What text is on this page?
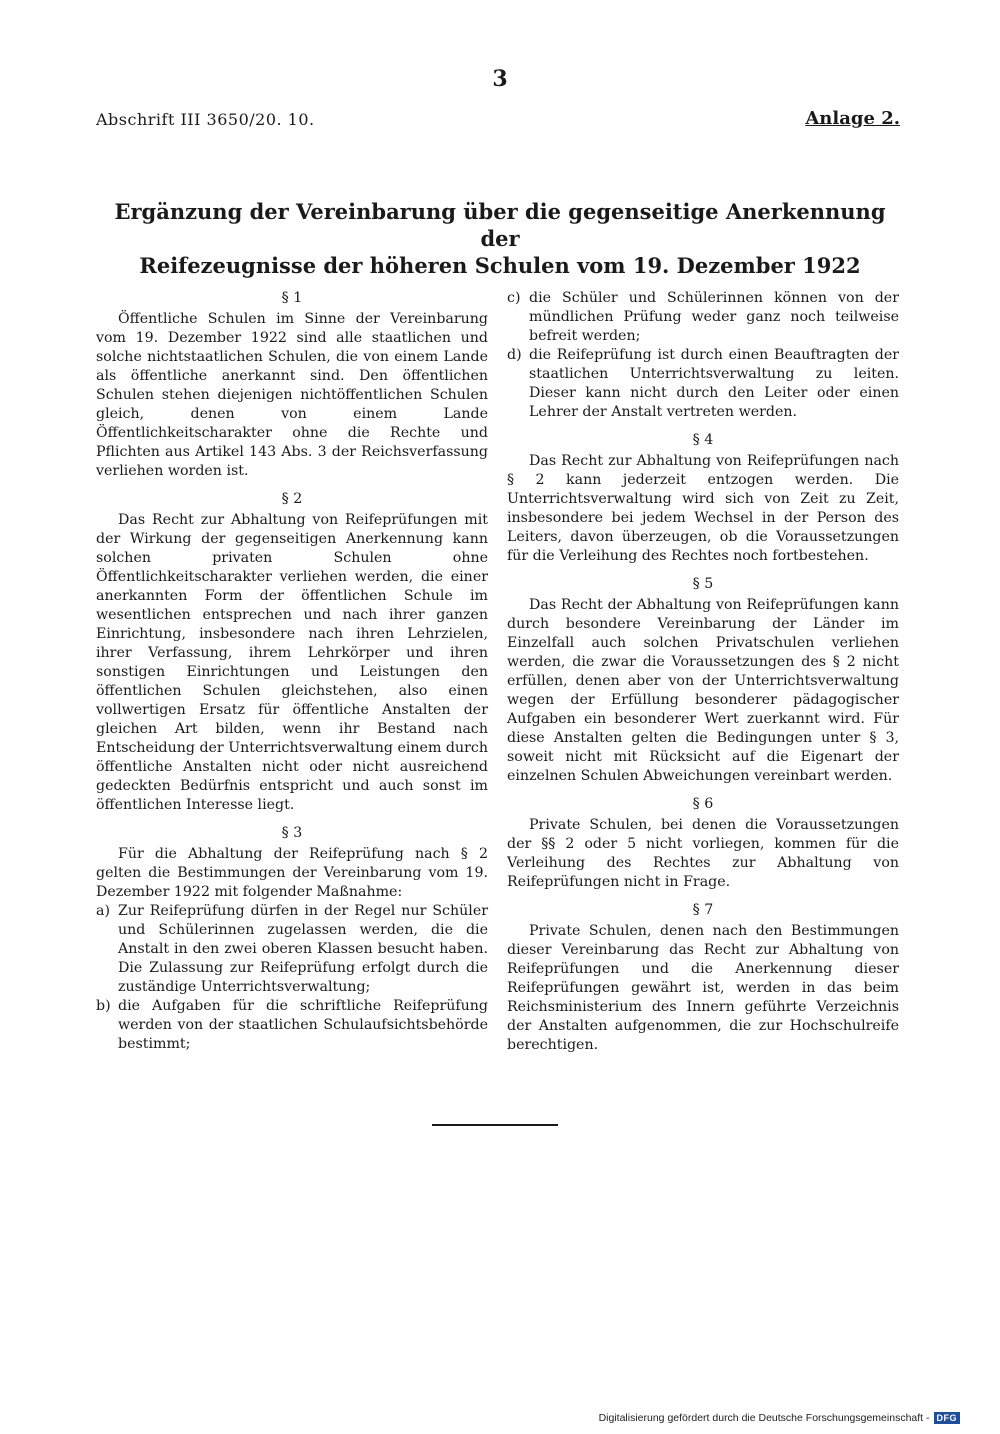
3
Abschrift III 3650/20. 10.	Anlage 2.
Ergänzung der Vereinbarung über die gegenseitige Anerkennung der
Reifezeugnisse der höheren Schulen vom 19. Dezember 1922
§ 1

Öffentliche Schulen im Sinne der Vereinbarung vom 19. Dezember 1922 sind alle staatlichen und solche nichtstaatlichen Schulen, die von einem Lande als öffentliche anerkannt sind. Den öffentlichen Schulen stehen diejenigen nichtöffentlichen Schulen gleich, denen von einem Lande Öffentlichkeitscharakter ohne die Rechte und Pflichten aus Artikel 143 Abs. 3 der Reichsverfassung verliehen worden ist.

§ 2

Das Recht zur Abhaltung von Reifeprüfungen mit der Wirkung der gegenseitigen Anerkennung kann solchen privaten Schulen ohne Öffentlichkeitscharakter verliehen werden, die einer anerkannten Form der öffentlichen Schule im wesentlichen entsprechen und nach ihrer ganzen Einrichtung, insbesondere nach ihren Lehrzielen, ihrer Verfassung, ihrem Lehrkörper und ihren sonstigen Einrichtungen und Leistungen den öffentlichen Schulen gleichstehen, also einen vollwertigen Ersatz für öffentliche Anstalten der gleichen Art bilden, wenn ihr Bestand nach Entscheidung der Unterrichtsverwaltung einem durch öffentliche Anstalten nicht oder nicht ausreichend gedeckten Bedürfnis entspricht und auch sonst im öffentlichen Interesse liegt.

§ 3

Für die Abhaltung der Reifeprüfung nach § 2 gelten die Bestimmungen der Vereinbarung vom 19. Dezember 1922 mit folgender Maßnahme:

a) Zur Reifeprüfung dürfen in der Regel nur Schüler und Schülerinnen zugelassen werden, die die Anstalt in den zwei oberen Klassen besucht haben. Die Zulassung zur Reifeprüfung erfolgt durch die zuständige Unterrichtsverwaltung;
b) die Aufgaben für die schriftliche Reifeprüfung werden von der staatlichen Schulaufsichtsbehörde bestimmt;
c) die Schüler und Schülerinnen können von der mündlichen Prüfung weder ganz noch teilweise befreit werden;
d) die Reifeprüfung ist durch einen Beauftragten der staatlichen Unterrichtsverwaltung zu leiten. Dieser kann nicht durch den Leiter oder einen Lehrer der Anstalt vertreten werden.
§ 4

Das Recht zur Abhaltung von Reifeprüfungen nach § 2 kann jederzeit entzogen werden. Die Unterrichtsverwaltung wird sich von Zeit zu Zeit, insbesondere bei jedem Wechsel in der Person des Leiters, davon überzeugen, ob die Voraussetzungen für die Verleihung des Rechtes noch fortbestehen.

§ 5

Das Recht der Abhaltung von Reifeprüfungen kann durch besondere Vereinbarung der Länder im Einzelfall auch solchen Privatschulen verliehen werden, die zwar die Voraussetzungen des § 2 nicht erfüllen, denen aber von der Unterrichtsverwaltung wegen der Erfüllung besonderer pädagogischer Aufgaben ein besonderer Wert zuerkannt wird. Für diese Anstalten gelten die Bedingungen unter § 3, soweit nicht mit Rücksicht auf die Eigenart der einzelnen Schulen Abweichungen vereinbart werden.

§ 6

Private Schulen, bei denen die Voraussetzungen der §§ 2 oder 5 nicht vorliegen, kommen für die Verleihung des Rechtes zur Abhaltung von Reifeprüfungen nicht in Frage.

§ 7

Private Schulen, denen nach den Bestimmungen dieser Vereinbarung das Recht zur Abhaltung von Reifeprüfungen und die Anerkennung dieser Reifeprüfungen gewährt ist, werden in das beim Reichsministerium des Innern geführte Verzeichnis der Anstalten aufgenommen, die zur Hochschulreife berechtigen.

Digitalisierung gefördert durch die Deutsche Forschungsgemeinschaft - DFG
